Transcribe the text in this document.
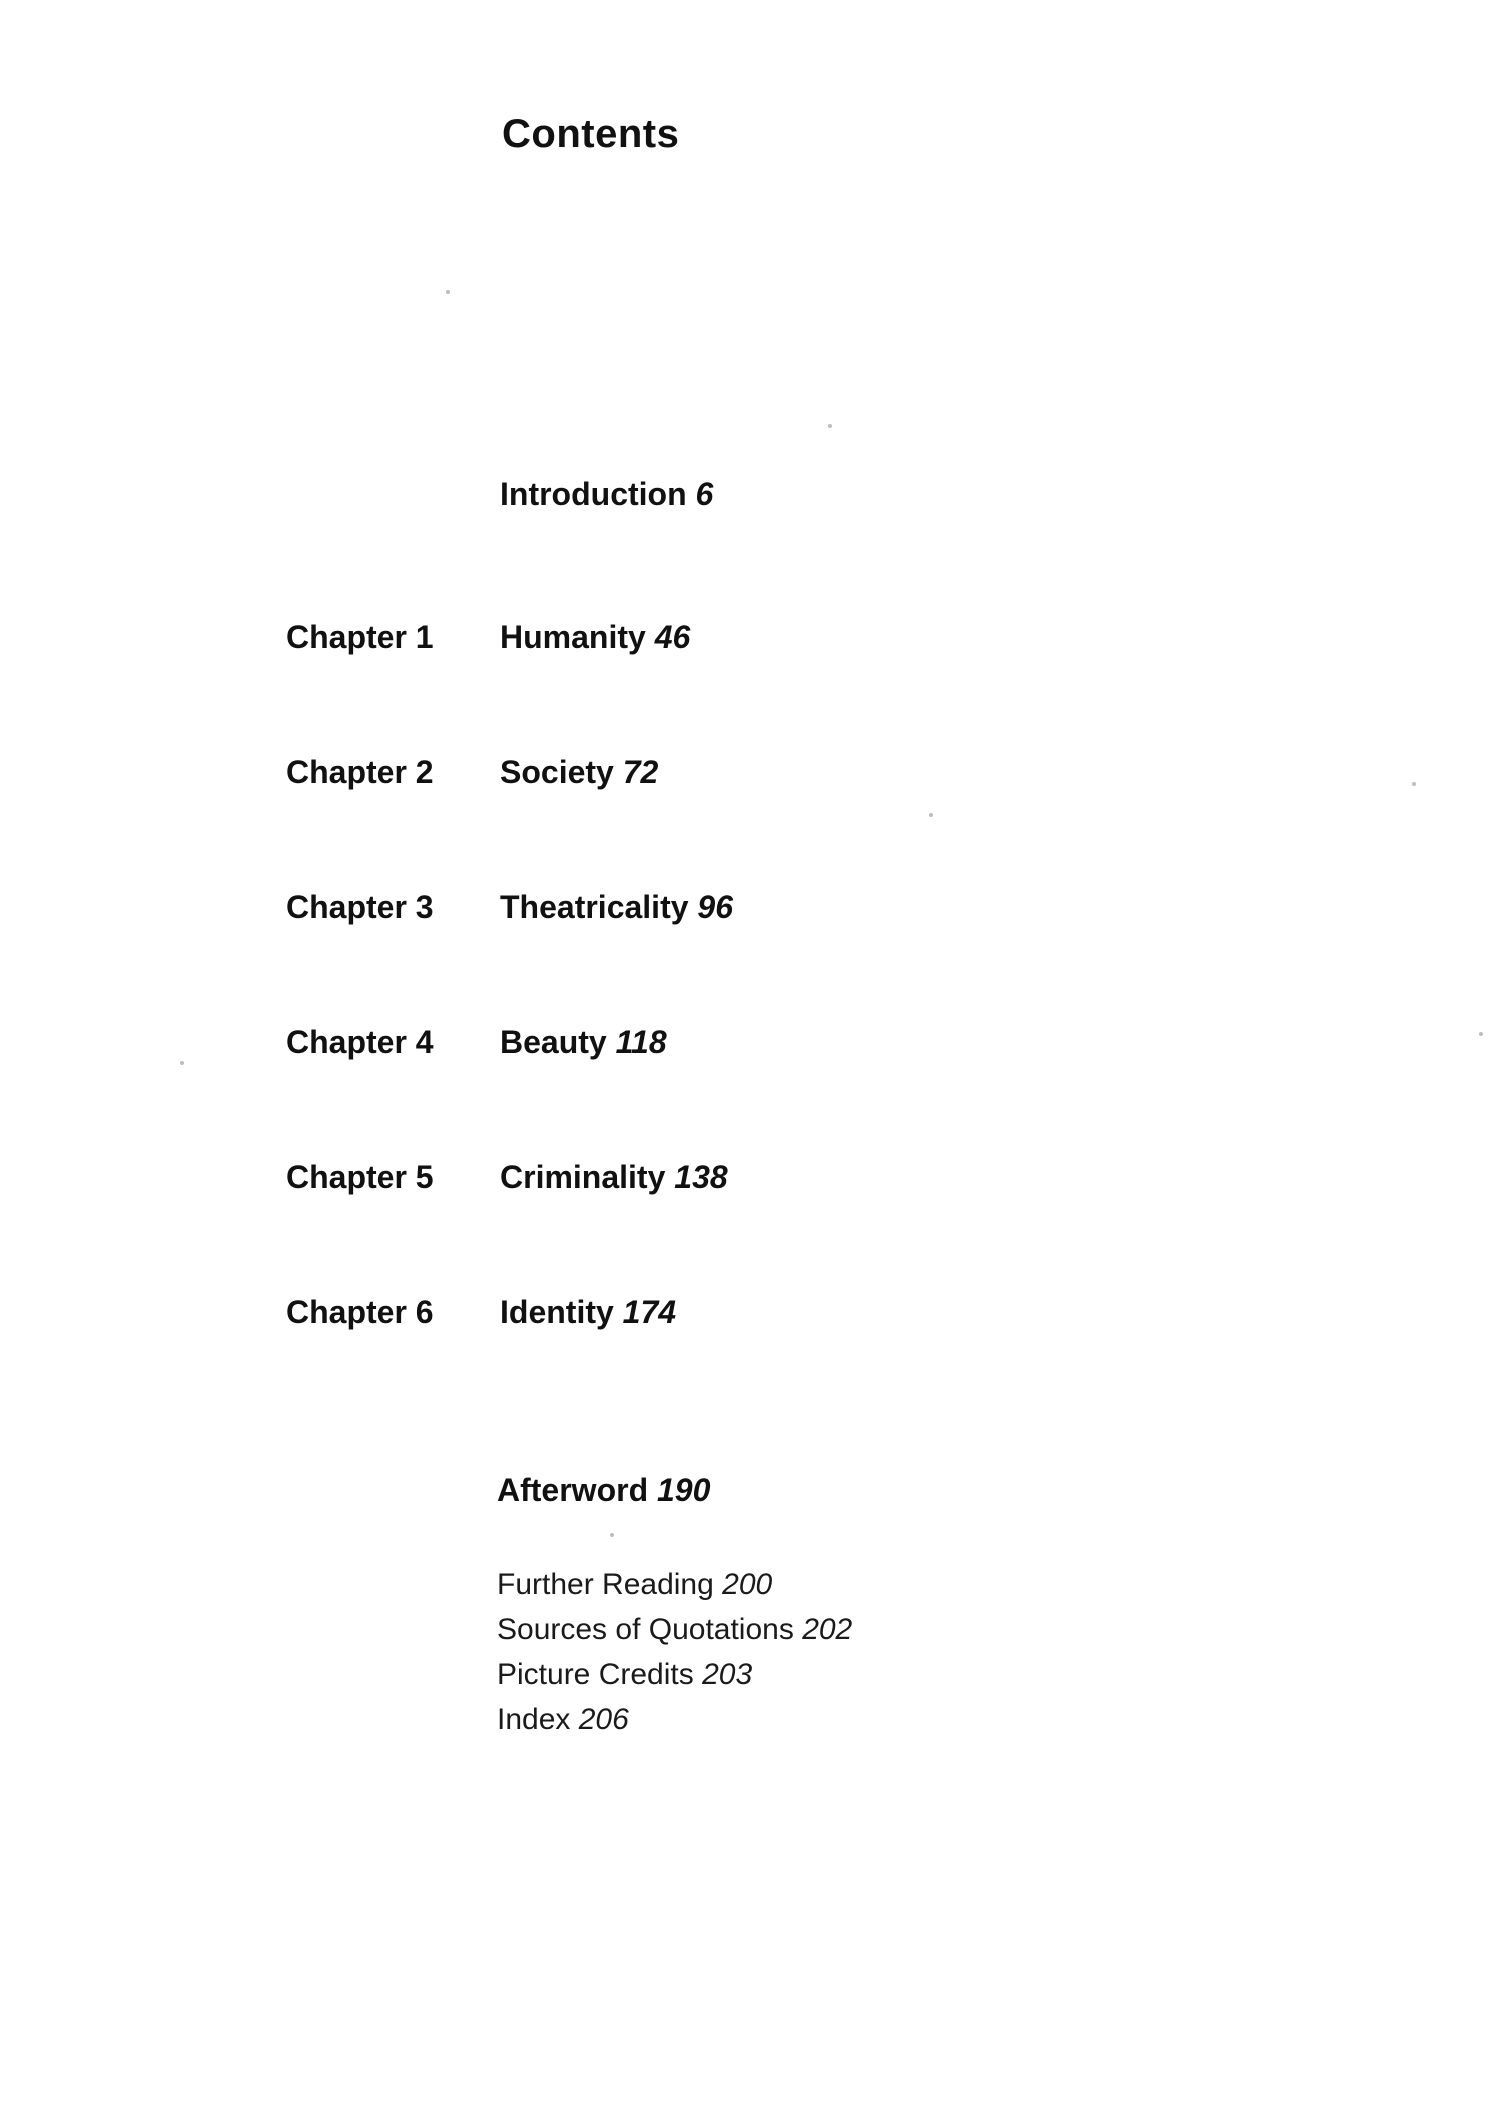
Contents
Introduction 6
Chapter 1 Humanity 46
Chapter 2 Society 72
Chapter 3 Theatricality 96
Chapter 4 Beauty 118
Chapter 5 Criminality 138
Chapter 6 Identity 174
Afterword 190
Further Reading 200
Sources of Quotations 202
Picture Credits 203
Index 206
